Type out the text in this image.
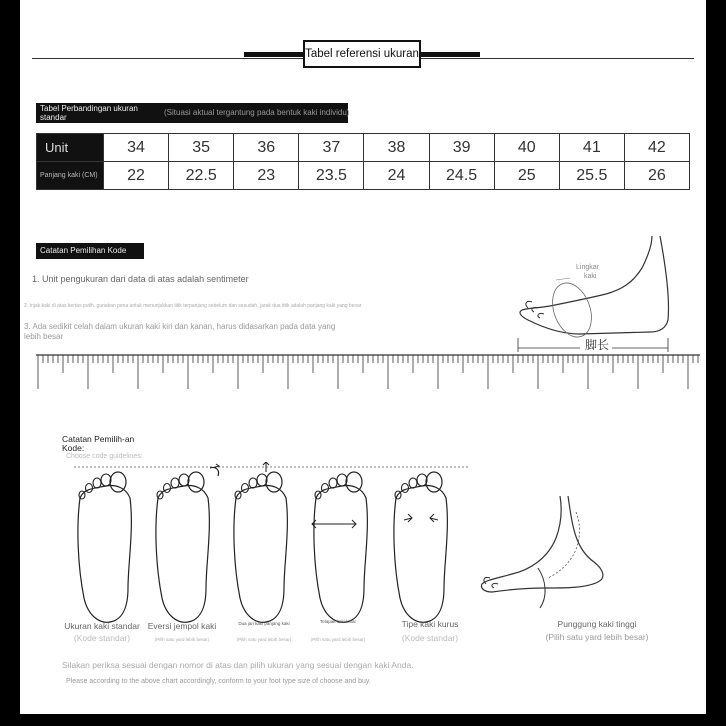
Tabel referensi ukuran
Tabel Perbandingan ukuran standar	(Situasi aktual tergantung pada bentuk kaki individu)
Unit	34	35	36	37	38	39	40	41	42
Panjang kaki (CM)	22	22.5	23	23.5	24	24.5	25	25.5	26
Catatan Pemilihan Kode
1. Unit pengukuran dari data di atas adalah sentimeter
2. Injak kaki di atas kertas putih, gunakan pena untuk menunjukkan titik terpanjang sebelum dan sesudah, jarak dua titik adalah panjang kaki yang besar
3. Ada sedikit celah dalam ukuran kaki kiri dan kanan, harus didasarkan pada data yang
lebih besar
Lingkar
kaki
脚长
Catatan Pemilih-an Kode:
Choose code guidelines:
Ukuran kaki standar
(Kode standar)
Eversi jempol kaki
(Pilih satu yard lebih besar)
Dua jari kaki panjang kaki
(Pilih satu yard lebih besar)
Telapak kaki lebar
(Pilih satu yard lebih besar)
Tipe kaki kurus
(Kode standar)
Punggung kaki tinggi
(Pilih satu yard lebih besar)
Silakan periksa sesuai dengan nomor di atas dan pilih ukuran yang sesuai dengan kaki Anda.
Please according to the above chart accordingly, conform to your foot type size of choose and buy.
